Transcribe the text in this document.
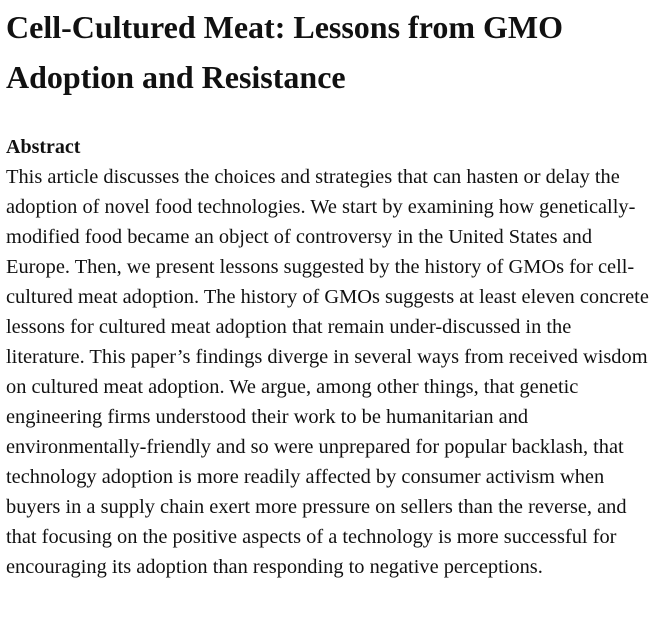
Cell-Cultured Meat: Lessons from GMO Adoption and Resistance
Abstract

This article discusses the choices and strategies that can hasten or delay the adoption of novel food technologies. We start by examining how genetically-modified food became an object of controversy in the United States and Europe. Then, we present lessons suggested by the history of GMOs for cell-cultured meat adoption. The history of GMOs suggests at least eleven concrete lessons for cultured meat adoption that remain under-discussed in the literature. This paper’s findings diverge in several ways from received wisdom on cultured meat adoption. We argue, among other things, that genetic engineering firms understood their work to be humanitarian and environmentally-friendly and so were unprepared for popular backlash, that technology adoption is more readily affected by consumer activism when buyers in a supply chain exert more pressure on sellers than the reverse, and that focusing on the positive aspects of a technology is more successful for encouraging its adoption than responding to negative perceptions.
